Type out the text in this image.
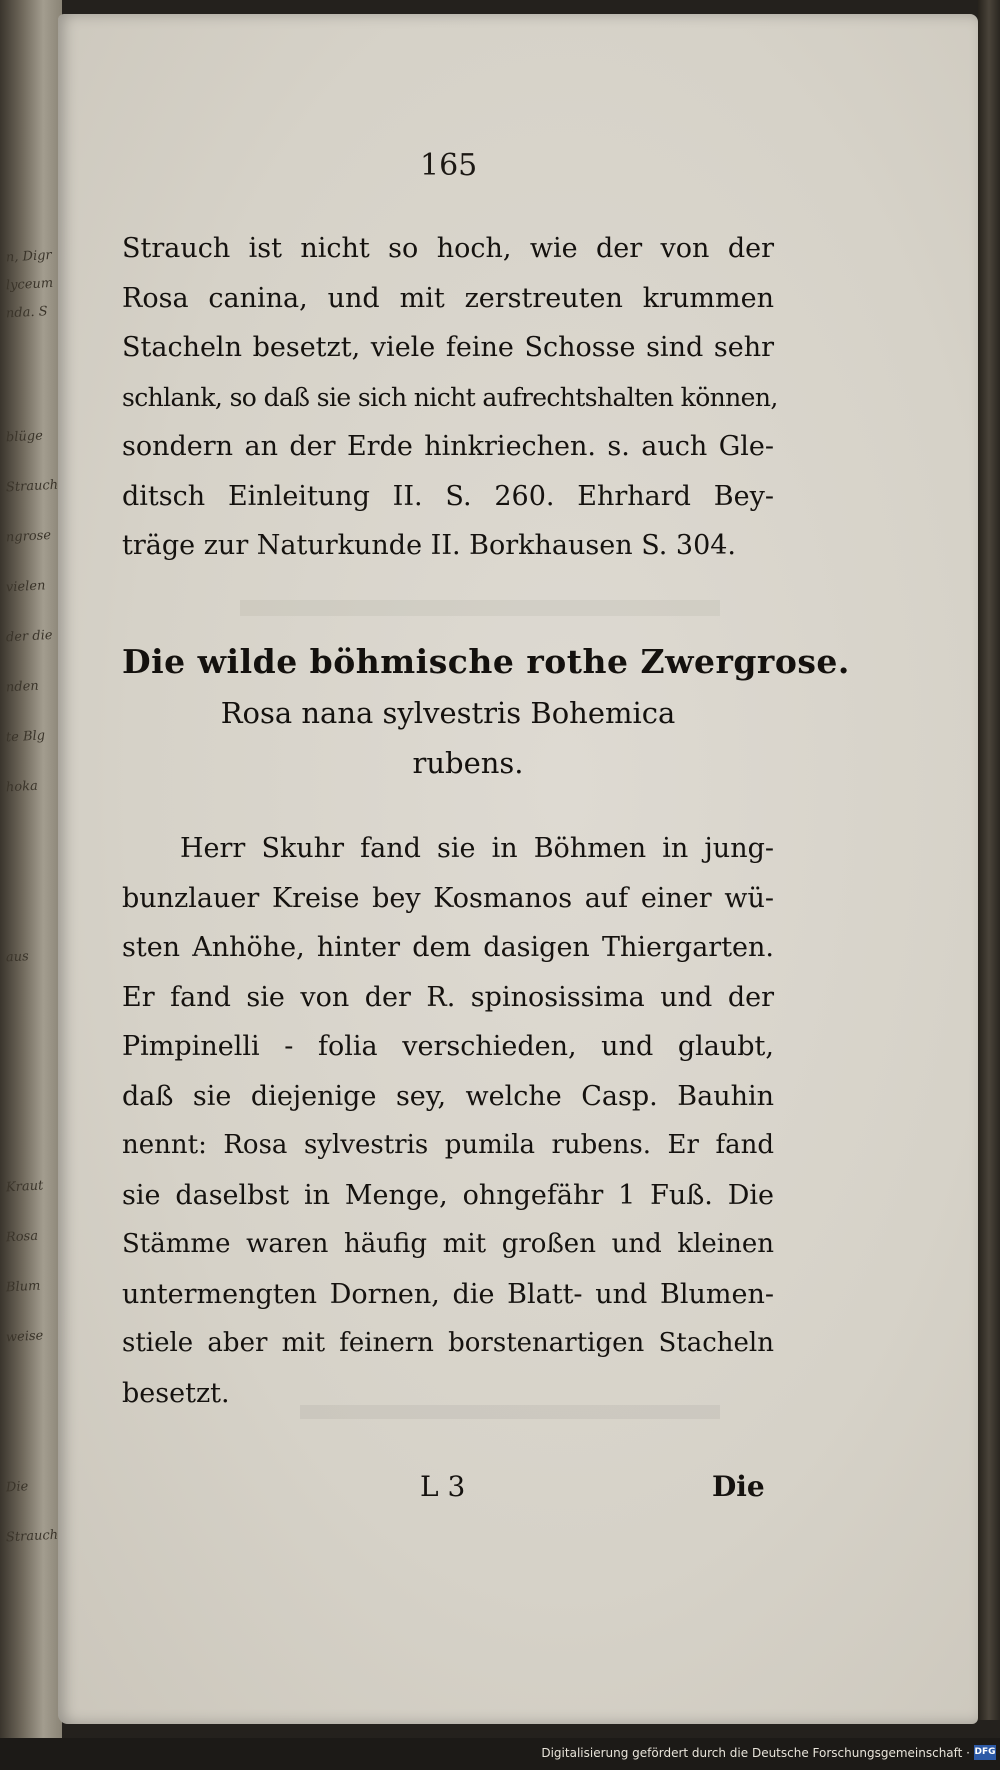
n, Digr
lyceum
nda. S
blüge
Strauch
ngrose
vielen
der die
nden
te Blg
hoka
aus
Kraut
Rosa
Blum
weise
Die
Strauch
165
Strauch ist nicht so hoch, wie der von der
Rosa canina, und mit zerstreuten krummen
Stacheln besetzt, viele feine Schosse sind sehr
schlank, so daß sie sich nicht aufrechtshalten können,
sondern an der Erde hinkriechen. s. auch Gle-
ditsch Einleitung II. S. 260. Ehrhard Bey-
träge zur Naturkunde II. Borkhausen S. 304.
Die wilde böhmische rothe Zwergrose.
Rosa nana sylvestris Bohemica
rubens.
Herr Skuhr fand sie in Böhmen in jung-
bunzlauer Kreise bey Kosmanos auf einer wü-
sten Anhöhe, hinter dem dasigen Thiergarten.
Er fand sie von der R. spinosissima und der
Pimpinelli - folia verschieden, und glaubt,
daß sie diejenige sey, welche Casp. Bauhin
nennt: Rosa sylvestris pumila rubens. Er fand
sie daselbst in Menge, ohngefähr 1 Fuß. Die
Stämme waren häufig mit großen und kleinen
untermengten Dornen, die Blatt- und Blumen-
stiele aber mit feinern borstenartigen Stacheln
besetzt.
L 3	Die
Digitalisierung gefördert durch die Deutsche Forschungsgemeinschaft · DFG
